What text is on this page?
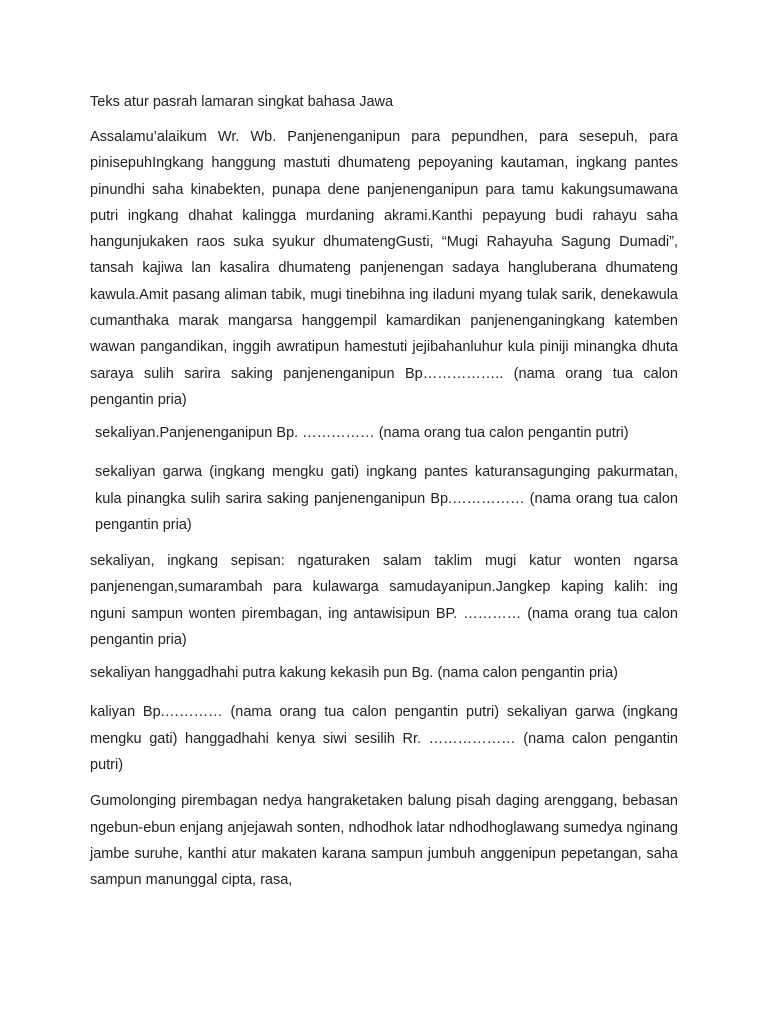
Teks atur pasrah lamaran singkat bahasa Jawa
Assalamu’alaikum Wr. Wb. Panjenenganipun para pepundhen, para sesepuh, para pinisepuhIngkang hanggung mastuti dhumateng pepoyaning kautaman, ingkang pantes pinundhi saha kinabekten, punapa dene panjenenganipun para tamu kakungsumawana putri ingkang dhahat kalingga murdaning akrami.Kanthi pepayung budi rahayu saha hangunjukaken raos suka syukur dhumatengGusti, “Mugi Rahayuha Sagung Dumadi”, tansah kajiwa lan kasalira dhumateng panjenengan sadaya hangluberana dhumateng kawula.Amit pasang aliman tabik, mugi tinebihna ing iladuni myang tulak sarik, denekawula cumanthaka marak mangarsa hanggempil kamardikan panjenenganingkang katemben wawan pangandikan, inggih awratipun hamestuti jejibahanluhur kula piniji minangka dhuta saraya sulih sarira saking panjenenganipun Bp…………….. (nama orang tua calon pengantin pria)
sekaliyan.Panjenenganipun Bp. …………… (nama orang tua calon pengantin putri)
sekaliyan garwa (ingkang mengku gati) ingkang pantes katuransagunging pakurmatan, kula pinangka sulih sarira saking panjenenganipun Bp.…………… (nama orang tua calon pengantin pria)
sekaliyan, ingkang sepisan: ngaturaken salam taklim mugi katur wonten ngarsa panjenengan,sumarambah para kulawarga samudayanipun.Jangkep kaping kalih: ing nguni sampun wonten pirembagan, ing antawisipun BP. ………… (nama orang tua calon pengantin pria)
sekaliyan hanggadhahi putra kakung kekasih pun Bg. (nama calon pengantin pria)
kaliyan Bp.………… (nama orang tua calon pengantin putri) sekaliyan garwa (ingkang mengku gati) hanggadhahi kenya siwi sesilih Rr. ……………… (nama calon pengantin putri)
Gumolonging pirembagan nedya hangraketaken balung pisah daging arenggang, bebasan ngebun-ebun enjang anjejawah sonten, ndhodhok latar ndhodhoglawang sumedya nginang jambe suruhe, kanthi atur makaten karana sampun jumbuh anggenipun pepetangan, saha sampun manunggal cipta, rasa,
